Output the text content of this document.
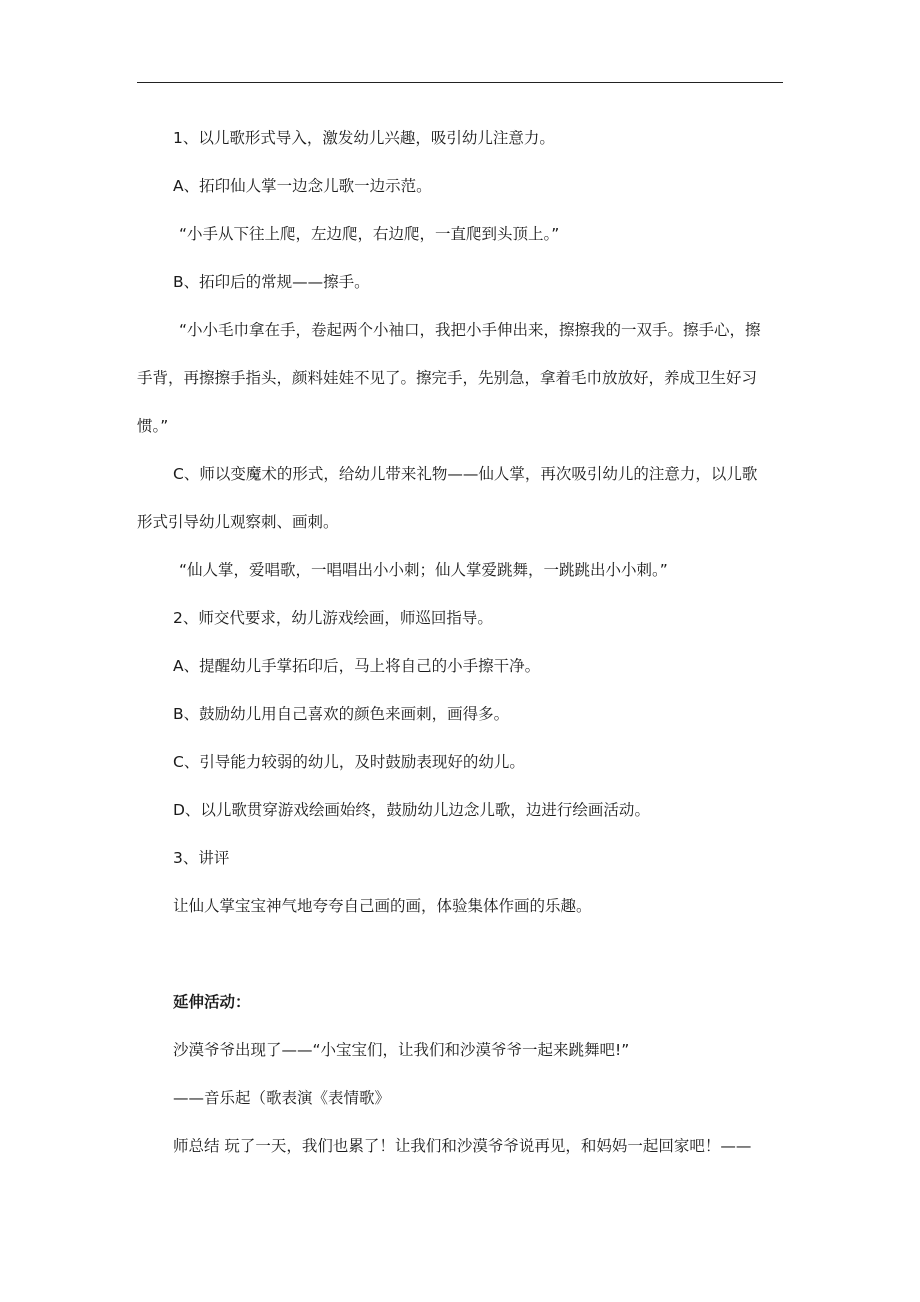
1、以儿歌形式导入，激发幼儿兴趣，吸引幼儿注意力。
A、拓印仙人掌一边念儿歌一边示范。
“小手从下往上爬，左边爬，右边爬，一直爬到头顶上。”
B、拓印后的常规——擦手。
“小小毛巾拿在手，卷起两个小袖口，我把小手伸出来，擦擦我的一双手。擦手心，擦
手背，再擦擦手指头，颜料娃娃不见了。擦完手，先别急，拿着毛巾放放好，养成卫生好习
惯。”
C、师以变魔术的形式，给幼儿带来礼物——仙人掌，再次吸引幼儿的注意力，以儿歌
形式引导幼儿观察刺、画刺。
“仙人掌，爱唱歌，一唱唱出小小刺；仙人掌爱跳舞，一跳跳出小小刺。”
2、师交代要求，幼儿游戏绘画，师巡回指导。
A、提醒幼儿手掌拓印后，马上将自己的小手擦干净。
B、鼓励幼儿用自己喜欢的颜色来画刺，画得多。
C、引导能力较弱的幼儿，及时鼓励表现好的幼儿。
D、以儿歌贯穿游戏绘画始终，鼓励幼儿边念儿歌，边进行绘画活动。
3、讲评
让仙人掌宝宝神气地夸夸自己画的画，体验集体作画的乐趣。
延伸活动：
沙漠爷爷出现了——“小宝宝们，让我们和沙漠爷爷一起来跳舞吧!”
——音乐起（歌表演《表情歌》
师总结 玩了一天，我们也累了！让我们和沙漠爷爷说再见，和妈妈一起回家吧！——
